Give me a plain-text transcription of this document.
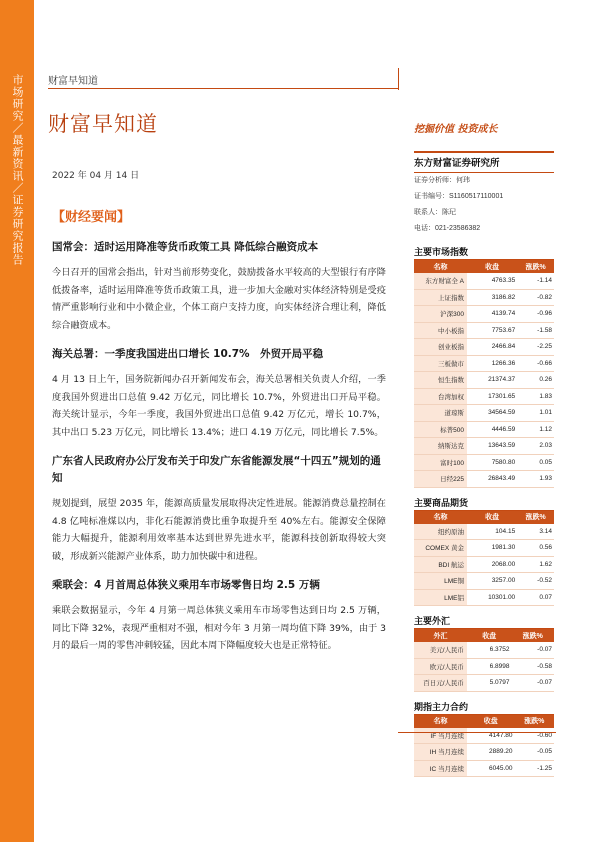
市场研究／最新资讯／证券研究报告 财富早知道
财富早知道	挖掘价值 投资成长
2022 年 04 月 14 日
【财经要闻】
国常会：适时运用降准等货币政策工具 降低综合融资成本

今日召开的国常会指出，针对当前形势变化，鼓励拨备水平较高的大型银行有序降低拨备率，适时运用降准等货币政策工具，进一步加大金融对实体经济特别是受疫情严重影响行业和中小微企业，个体工商户支持力度，向实体经济合理让利，降低综合融资成本。

海关总署：一季度我国进出口增长 10.7%　外贸开局平稳

4 月 13 日上午，国务院新闻办召开新闻发布会，海关总署相关负责人介绍，一季度我国外贸进出口总值 9.42 万亿元，同比增长 10.7%，外贸进出口开局平稳。海关统计显示，今年一季度，我国外贸进出口总值 9.42 万亿元，增长 10.7%，其中出口 5.23 万亿元，同比增长 13.4%；进口 4.19 万亿元，同比增长 7.5%。

广东省人民政府办公厅发布关于印发广东省能源发展“十四五”规划的通知

规划提到，展望 2035 年，能源高质量发展取得决定性进展。能源消费总量控制在 4.8 亿吨标准煤以内，非化石能源消费比重争取提升至 40%左右。能源安全保障能力大幅提升，能源利用效率基本达到世界先进水平，能源科技创新取得较大突破，形成新兴能源产业体系，助力加快碳中和进程。

乘联会：4 月首周总体狭义乘用车市场零售日均 2.5 万辆

乘联会数据显示，今年 4 月第一周总体狭义乘用车市场零售达到日均 2.5 万辆，同比下降 32%，表现严重相对不强，相对今年 3 月第一周均值下降 39%，由于 3 月的最后一周的零售冲刺较猛，因此本周下降幅度较大也是正常特征。

东方财富证券研究所
证券分析师：何玮
证书编号：S1160517110001
联系人：陈玘
电话：021-23586382
主要市场指数
名称	收盘	涨跌%
东方财富全 A	4763.35	-1.14
上证指数	3186.82	-0.82
沪深300	4139.74	-0.96
中小板指	7753.67	-1.58
创业板指	2466.84	-2.25
三板做市	1266.36	-0.66
恒生指数	21374.37	0.26
台湾加权	17301.65	1.83
道琼斯	34564.59	1.01
标普500	4446.59	1.12
纳斯达克	13643.59	2.03
富时100	7580.80	0.05
日经225	26843.49	1.93
主要商品期货
名称	收盘	涨跌%
纽约原油	104.15	3.14
COMEX 黄金	1981.30	0.56
BDI 航运	2068.00	1.62
LME铜	3257.00	-0.52
LME铝	10301.00	0.07
主要外汇
外汇	收盘	涨跌%
美元/人民币	6.3752	-0.07
欧元/人民币	6.8998	-0.58
百日元/人民币	5.0797	-0.07
期指主力合约
名称	收盘	涨跌%
IF 当月连续	4147.80	-0.60
IH 当月连续	2889.20	-0.05
IC 当月连续	6045.00	-1.25
